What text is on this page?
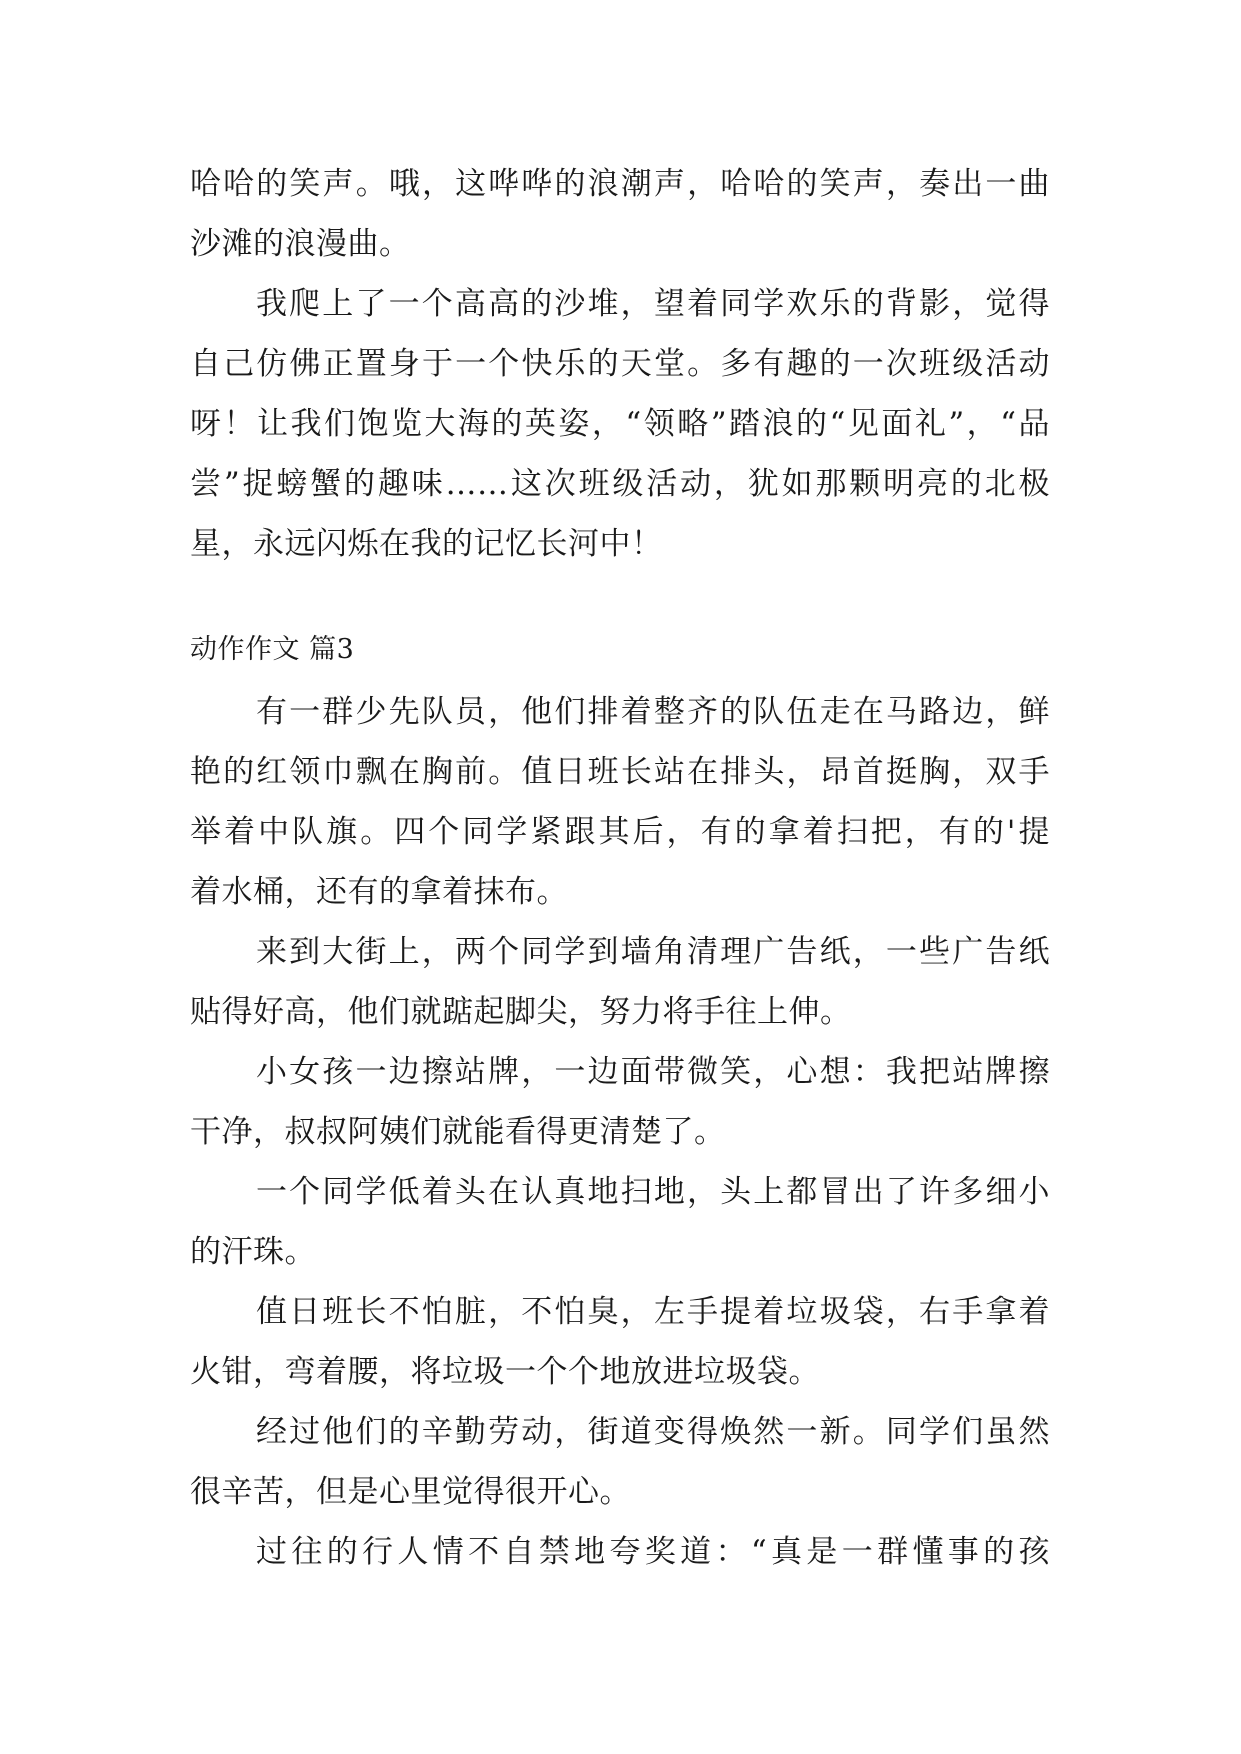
哈哈的笑声。哦，这哗哗的浪潮声，哈哈的笑声，奏出一曲
沙滩的浪漫曲。
我爬上了一个高高的沙堆，望着同学欢乐的背影，觉得
自己仿佛正置身于一个快乐的天堂。多有趣的一次班级活动
呀！让我们饱览大海的英姿，“领略”踏浪的“见面礼”，“品
尝”捉螃蟹的趣味……这次班级活动，犹如那颗明亮的北极
星，永远闪烁在我的记忆长河中！
动作作文 篇3
有一群少先队员，他们排着整齐的队伍走在马路边，鲜
艳的红领巾飘在胸前。值日班长站在排头，昂首挺胸，双手
举着中队旗。四个同学紧跟其后，有的拿着扫把，有的'提
着水桶，还有的拿着抹布。
来到大街上，两个同学到墙角清理广告纸，一些广告纸
贴得好高，他们就踮起脚尖，努力将手往上伸。
小女孩一边擦站牌，一边面带微笑，心想：我把站牌擦
干净，叔叔阿姨们就能看得更清楚了。
一个同学低着头在认真地扫地，头上都冒出了许多细小
的汗珠。
值日班长不怕脏，不怕臭，左手提着垃圾袋，右手拿着
火钳，弯着腰，将垃圾一个个地放进垃圾袋。
经过他们的辛勤劳动，街道变得焕然一新。同学们虽然
很辛苦，但是心里觉得很开心。
过往的行人情不自禁地夸奖道：“真是一群懂事的孩
